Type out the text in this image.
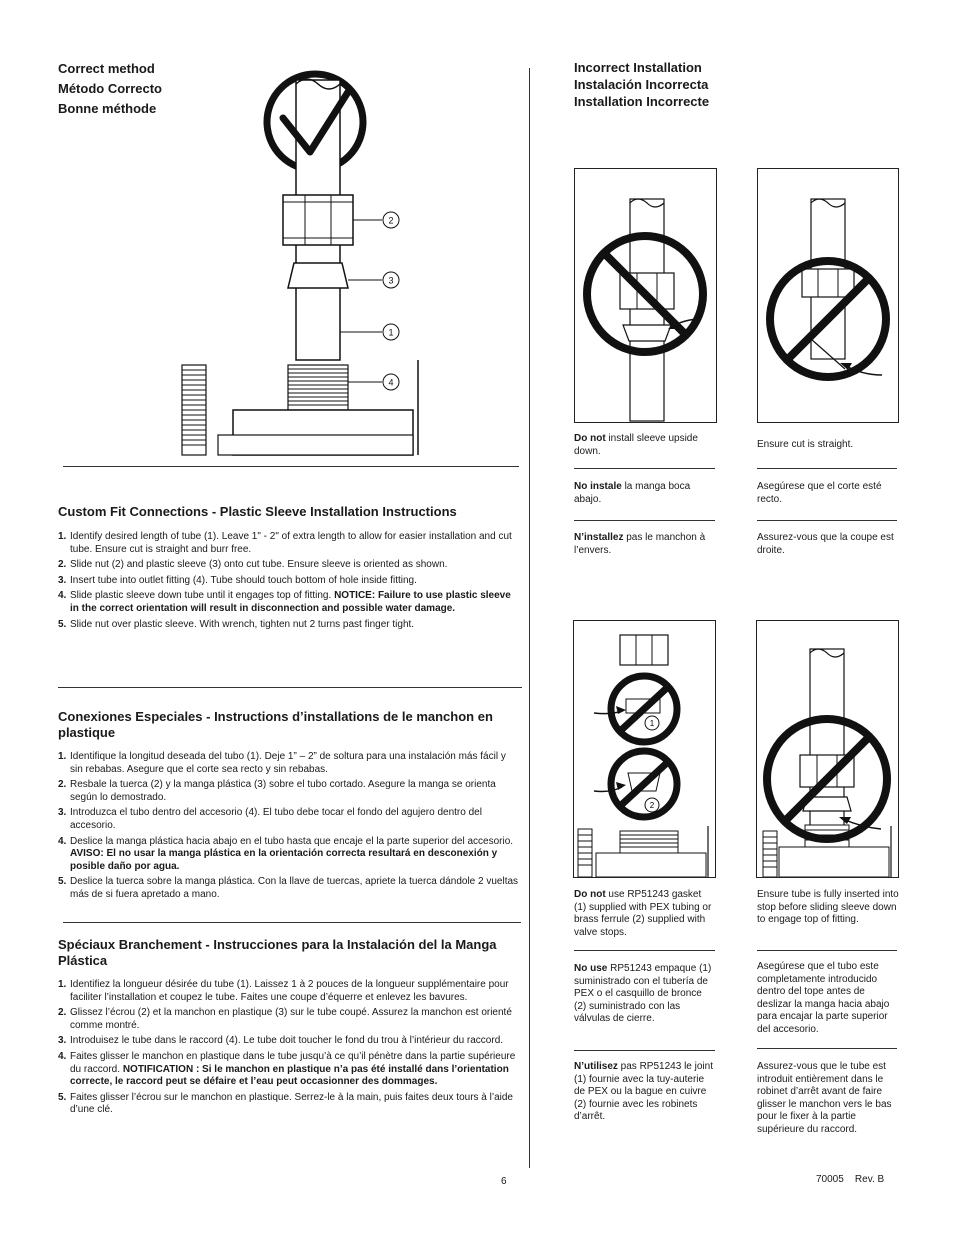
Correct method
Método Correcto
Bonne méthode
2
3
1
4
Custom Fit Connections - Plastic Sleeve Installation Instructions
1. Identify desired length of tube (1). Leave 1" - 2" of extra length to allow for easier installation and cut tube. Ensure cut is straight and burr free.
2. Slide nut (2) and plastic sleeve (3) onto cut tube. Ensure sleeve is oriented as shown.
3. Insert tube into outlet fitting (4). Tube should touch bottom of hole inside fitting.
4. Slide plastic sleeve down tube until it engages top of fitting. NOTICE: Failure to use plastic sleeve in the correct orientation will result in disconnection and possible water damage.
5. Slide nut over plastic sleeve. With wrench, tighten nut 2 turns past finger tight.
Conexiones Especiales - Instructions d’installations de le manchon en plastique
1. Identifique la longitud deseada del tubo (1). Deje 1” – 2” de soltura para una instalación más fácil y sin rebabas. Asegure que el corte sea recto y sin rebabas.
2. Resbale la tuerca (2) y la manga plástica (3) sobre el tubo cortado. Asegure la manga se orienta según lo demostrado.
3. Introduzca el tubo dentro del accesorio (4). El tubo debe tocar el fondo del agujero dentro del accesorio.
4. Deslice la manga plástica hacia abajo en el tubo hasta que encaje el la parte superior del accesorio. AVISO: El no usar la manga plástica en la orientación correcta resultará en desconexión y posible daño por agua.
5. Deslice la tuerca sobre la manga plástica. Con la llave de tuercas, apriete la tuerca dándole 2 vueltas más de si fuera apretado a mano.
Spéciaux Branchement - Instrucciones para la Instalación del la Manga Plástica
1. Identifiez la longueur désirée du tube (1). Laissez 1 à 2 pouces de la longueur supplémentaire pour faciliter l’installation et coupez le tube. Faites une coupe d’équerre et enlevez les bavures.
2. Glissez l’écrou (2) et la manchon en plastique (3) sur le tube coupé. Assurez la manchon est orienté comme montré.
3. Introduisez le tube dans le raccord (4). Le tube doit toucher le fond du trou à l’intérieur du raccord.
4. Faites glisser le manchon en plastique dans le tube jusqu’à ce qu’il pénètre dans la partie supérieure du raccord. NOTIFICATION : Si le manchon en plastique n’a pas été installé dans l’orientation correcte, le raccord peut se défaire et l’eau peut occasionner des dommages.
5. Faites glisser l’écrou sur le manchon en plastique. Serrez-le à la main, puis faites deux tours à l’aide d’une clé.
Incorrect Installation
Instalación Incorrecta
Installation Incorrecte
Do not install sleeve upside down.
No instale la manga boca abajo.
N’installez pas le manchon à l’envers.
Ensure cut is straight.
Asegúrese que el corte esté recto.
Assurez-vous que la coupe est droite.
1
2
Do not use RP51243 gasket (1) supplied with PEX tubing or brass ferrule (2) supplied with valve stops.
No use RP51243 empaque (1) suministrado con el tubería de PEX o el casquillo de bronce (2) suministrado con las válvulas de cierre.
N’utilisez pas RP51243 le joint (1) fournie avec la tuy-auterie de PEX ou la bague en cuivre (2) fournie avec les robinets d’arrêt.
Ensure tube is fully inserted into stop before sliding sleeve down to engage top of fitting.
Asegúrese que el tubo este completamente introducido dentro del tope antes de deslizar la manga hacia abajo para encajar la parte superior del accesorio.
Assurez-vous que le tube est introduit entièrement dans le robinet d’arrêt avant de faire glisser le manchon vers le bas pour le fixer à la partie supérieure du raccord.
6	70005    Rev. B
